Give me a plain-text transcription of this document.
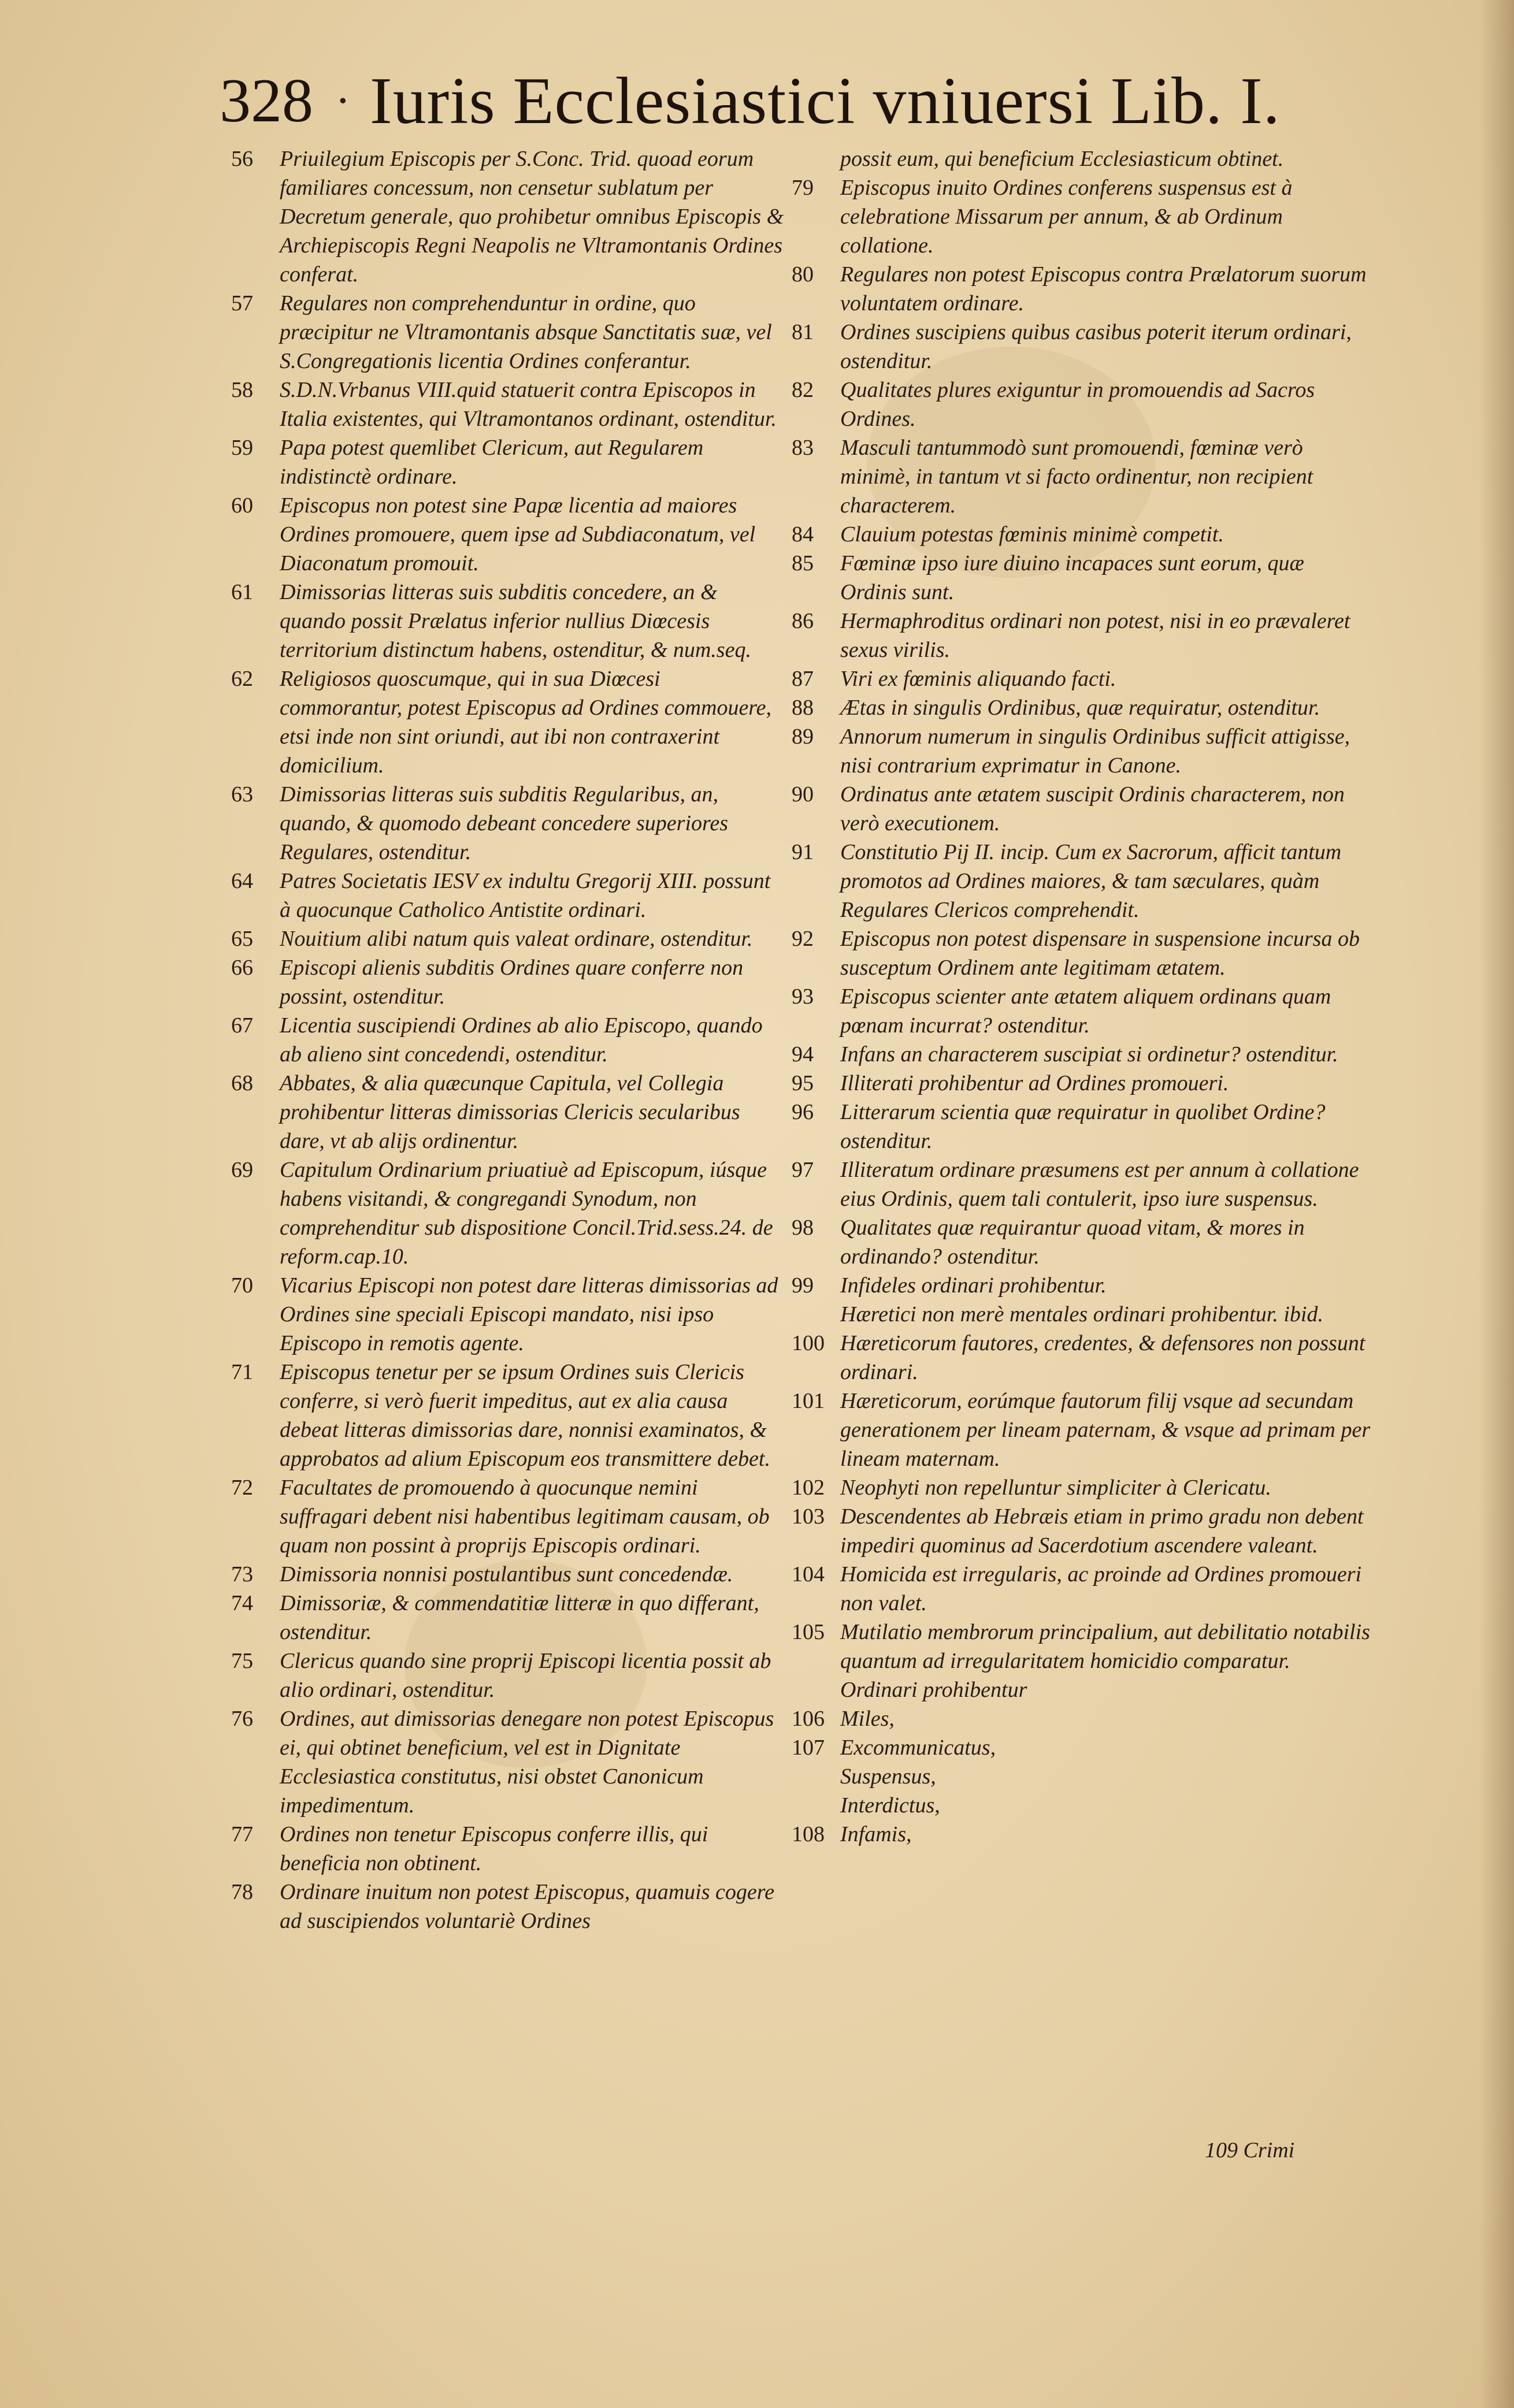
328 · Iuris Ecclesiastici vniuersi Lib. I.
56	Priuilegium Episcopis per S.Conc. Trid. quoad eorum familiares concessum, non censetur sublatum per Decretum generale, quo prohibetur omnibus Episcopis & Archiepiscopis Regni Neapolis ne Vltramontanis Ordines conferat.
57	Regulares non comprehenduntur in ordine, quo præcipitur ne Vltramontanis absque Sanctitatis suæ, vel S.Congregationis licentia Ordines conferantur.
58	S.D.N.Vrbanus VIII.quid statuerit contra Episcopos in Italia existentes, qui Vltramontanos ordinant, ostenditur.
59	Papa potest quemlibet Clericum, aut Regularem indistinctè ordinare.
60	Episcopus non potest sine Papæ licentia ad maiores Ordines promouere, quem ipse ad Subdiaconatum, vel Diaconatum promouit.
61	Dimissorias litteras suis subditis concedere, an & quando possit Prælatus inferior nullius Diœcesis territorium distinctum habens, ostenditur, & num.seq.
62	Religiosos quoscumque, qui in sua Diœcesi commorantur, potest Episcopus ad Ordines commouere, etsi inde non sint oriundi, aut ibi non contraxerint domicilium.
63	Dimissorias litteras suis subditis Regularibus, an, quando, & quomodo debeant concedere superiores Regulares, ostenditur.
64	Patres Societatis IESV ex indultu Gregorij XIII. possunt à quocunque Catholico Antistite ordinari.
65	Nouitium alibi natum quis valeat ordinare, ostenditur.
66	Episcopi alienis subditis Ordines quare conferre non possint, ostenditur.
67	Licentia suscipiendi Ordines ab alio Episcopo, quando ab alieno sint concedendi, ostenditur.
68	Abbates, & alia quæcunque Capitula, vel Collegia prohibentur litteras dimissorias Clericis secularibus dare, vt ab alijs ordinentur.
69	Capitulum Ordinarium priuatiuè ad Episcopum, iúsque habens visitandi, & congregandi Synodum, non comprehenditur sub dispositione Concil.Trid.sess.24. de reform.cap.10.
70	Vicarius Episcopi non potest dare litteras dimissorias ad Ordines sine speciali Episcopi mandato, nisi ipso Episcopo in remotis agente.
71	Episcopus tenetur per se ipsum Ordines suis Clericis conferre, si verò fuerit impeditus, aut ex alia causa debeat litteras dimissorias dare, nonnisi examinatos, & approbatos ad alium Episcopum eos transmittere debet.
72	Facultates de promouendo à quocunque nemini suffragari debent nisi habentibus legitimam causam, ob quam non possint à proprijs Episcopis ordinari.
73	Dimissoria nonnisi postulantibus sunt concedendæ.
74	Dimissoriæ, & commendatitiæ litteræ in quo differant, ostenditur.
75	Clericus quando sine proprij Episcopi licentia possit ab alio ordinari, ostenditur.
76	Ordines, aut dimissorias denegare non potest Episcopus ei, qui obtinet beneficium, vel est in Dignitate Ecclesiastica constitutus, nisi obstet Canonicum impedimentum.
77	Ordines non tenetur Episcopus conferre illis, qui beneficia non obtinent.
78	Ordinare inuitum non potest Episcopus, quamuis cogere ad suscipiendos voluntariè Ordines
possit eum, qui beneficium Ecclesiasticum obtinet.
79	Episcopus inuito Ordines conferens suspensus est à celebratione Missarum per annum, & ab Ordinum collatione.
80	Regulares non potest Episcopus contra Prælatorum suorum voluntatem ordinare.
81	Ordines suscipiens quibus casibus poterit iterum ordinari, ostenditur.
82	Qualitates plures exiguntur in promouendis ad Sacros Ordines.
83	Masculi tantummodò sunt promouendi, fœminæ verò minimè, in tantum vt si facto ordinentur, non recipient characterem.
84	Clauium potestas fœminis minimè competit.
85	Fœminæ ipso iure diuino incapaces sunt eorum, quæ Ordinis sunt.
86	Hermaphroditus ordinari non potest, nisi in eo prævaleret sexus virilis.
87	Viri ex fœminis aliquando facti.
88	Ætas in singulis Ordinibus, quæ requiratur, ostenditur.
89	Annorum numerum in singulis Ordinibus sufficit attigisse, nisi contrarium exprimatur in Canone.
90	Ordinatus ante ætatem suscipit Ordinis characterem, non verò executionem.
91	Constitutio Pij II. incip. Cum ex Sacrorum, afficit tantum promotos ad Ordines maiores, & tam sæculares, quàm Regulares Clericos comprehendit.
92	Episcopus non potest dispensare in suspensione incursa ob susceptum Ordinem ante legitimam ætatem.
93	Episcopus scienter ante ætatem aliquem ordinans quam pœnam incurrat? ostenditur.
94	Infans an characterem suscipiat si ordinetur? ostenditur.
95	Illiterati prohibentur ad Ordines promoueri.
96	Litterarum scientia quæ requiratur in quolibet Ordine? ostenditur.
97	Illiteratum ordinare præsumens est per annum à collatione eius Ordinis, quem tali contulerit, ipso iure suspensus.
98	Qualitates quæ requirantur quoad vitam, & mores in ordinando? ostenditur.
99	Infideles ordinari prohibentur.
Hæretici non merè mentales ordinari prohibentur. ibid.
100 Hæreticorum fautores, credentes, & defensores non possunt ordinari.
101 Hæreticorum, eorúmque fautorum filij vsque ad secundam generationem per lineam paternam, & vsque ad primam per lineam maternam.
102 Neophyti non repelluntur simpliciter à Clericatu.
103 Descendentes ab Hebræis etiam in primo gradu non debent impediri quominus ad Sacerdotium ascendere valeant.
104 Homicida est irregularis, ac proinde ad Ordines promoueri non valet.
105 Mutilatio membrorum principalium, aut debilitatio notabilis quantum ad irregularitatem homicidio comparatur.
Ordinari prohibentur
106 Miles,
107 Excommunicatus,
Suspensus,
Interdictus,
108 Infamis,
109 Crimi
